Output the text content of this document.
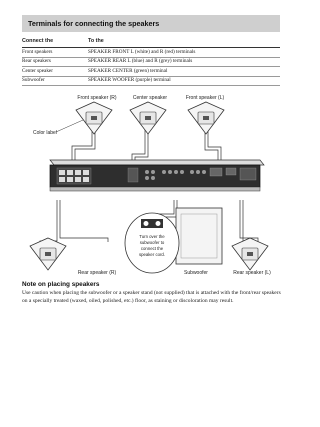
Terminals for connecting the speakers
Connect the	To the
Front speakers	SPEAKER FRONT L (white) and R (red) terminals
Rear speakers	SPEAKER REAR L (blue) and R (grey) terminals
Center speaker	SPEAKER CENTER (green) terminal
Subwoofer	SPEAKER WOOFER (purple) terminal
Front speaker (R)	Center speaker	Front speaker (L)
Color label
Turn over the
subwoofer to
connect the
speaker cord.
Rear speaker (R)	Subwoofer	Rear speaker (L)
Note on placing speakers
Use caution when placing the subwoofer or a speaker stand (not supplied) that is attached with the front/rear speakers on a specially treated (waxed, oiled, polished, etc.) floor, as staining or discoloration may result.
